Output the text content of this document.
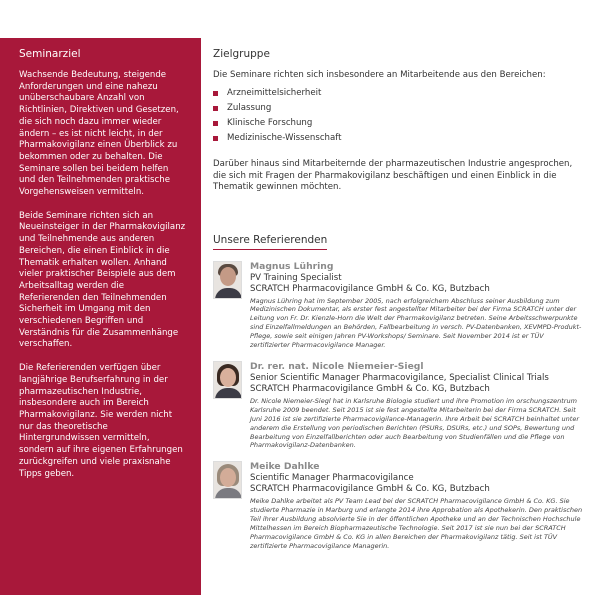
Seminarziel

Wachsende Bedeutung, steigende Anforderungen und eine nahezu unüberschaubare Anzahl von Richtlinien, Direktiven und Gesetzen, die sich noch dazu immer wieder ändern – es ist nicht leicht, in der Pharmakovigilanz einen Überblick zu bekommen oder zu behalten. Die Seminare sollen bei beidem helfen und den Teilnehmenden praktische Vorgehensweisen vermitteln.

Beide Seminare richten sich an Neueinsteiger in der Pharmakovigilanz und Teilnehmende aus anderen Bereichen, die einen Einblick in die Thematik erhalten wollen. Anhand vieler praktischer Beispiele aus dem Arbeitsalltag werden die Referierenden den Teilnehmenden Sicherheit im Umgang mit den verschiedenen Begriffen und Verständnis für die Zusammenhänge verschaffen.

Die Referierenden verfügen über langjährige Berufserfahrung in der pharmazeutischen Industrie, insbesondere auch im Bereich Pharmakovigilanz. Sie werden nicht nur das theoretische Hintergrundwissen vermitteln, sondern auf ihre eigenen Erfahrungen zurückgreifen und viele praxisnahe Tipps geben.

Zielgruppe

Die Seminare richten sich insbesondere an Mitarbeitende aus den Bereichen:

Arzneimittelsicherheit
Zulassung
Klinische Forschung
Medizinische-Wissenschaft

Darüber hinaus sind Mitarbeiternde der pharmazeutischen Industrie angesprochen, die sich mit Fragen der Pharmakovigilanz beschäftigen und einen Einblick in die Thematik gewinnen möchten.

Unsere Referierenden
Magnus Lühring
PV Training Specialist
SCRATCH Pharmacovigilance GmbH & Co. KG, Butzbach
Magnus Lühring hat im September 2005, nach erfolgreichem Abschluss seiner Ausbildung zum Medizinischen Dokumentar, als erster fest angestellter Mitarbeiter bei der Firma SCRATCH unter der Leitung von Fr. Dr. Kienzle-Horn die Welt der Pharmakovigilanz betreten. Seine Arbeitsschwerpunkte sind Einzelfallmeldungen an Behörden, Fallbearbeitung in versch. PV-Datenbanken, XEVMPD-Produkt-Pflege, sowie seit einigen Jahren PV-Workshops/ Seminare. Seit November 2014 ist er TÜV zertifizierter Pharmacovigilance Manager.
Dr. rer. nat. Nicole Niemeier-Siegl
Senior Scientific Manager Pharmacovigilance, Specialist Clinical Trials
SCRATCH Pharmacovigilance GmbH & Co. KG, Butzbach
Dr. Nicole Niemeier-Siegl hat in Karlsruhe Biologie studiert und ihre Promotion im orschungszentrum Karlsruhe 2009 beendet. Seit 2015 ist sie fest angestellte Mitarbeiterin bei der Firma SCRATCH. Seit Juni 2016 ist sie zertifizierte Pharmacovigilance-Managerin. Ihre Arbeit bei SCRATCH beinhaltet unter anderem die Erstellung von periodischen Berichten (PSURs, DSURs, etc.) und SOPs, Bewertung und Bearbeitung von Einzelfallberichten oder auch Bearbeitung von Studienfällen und die Pflege von Pharmakovigilanz-Datenbanken.
Meike Dahlke
Scientific Manager Pharmacovigilance
SCRATCH Pharmacovigilance GmbH & Co. KG, Butzbach
Meike Dahlke arbeitet als PV Team Lead bei der SCRATCH Pharmacovigilance GmbH & Co. KG. Sie studierte Pharmazie in Marburg und erlangte 2014 ihre Approbation als Apothekerin. Den praktischen Teil ihrer Ausbildung absolvierte Sie in der öffentlichen Apotheke und an der Technischen Hochschule Mittelhessen im Bereich Biopharmazeutische Technologie. Seit 2017 ist sie nun bei der SCRATCH Pharmacovigilance GmbH & Co. KG in allen Bereichen der Pharmakovigilanz tätig. Seit ist TÜV zertifizierte Pharmacovigilance Managerin.
